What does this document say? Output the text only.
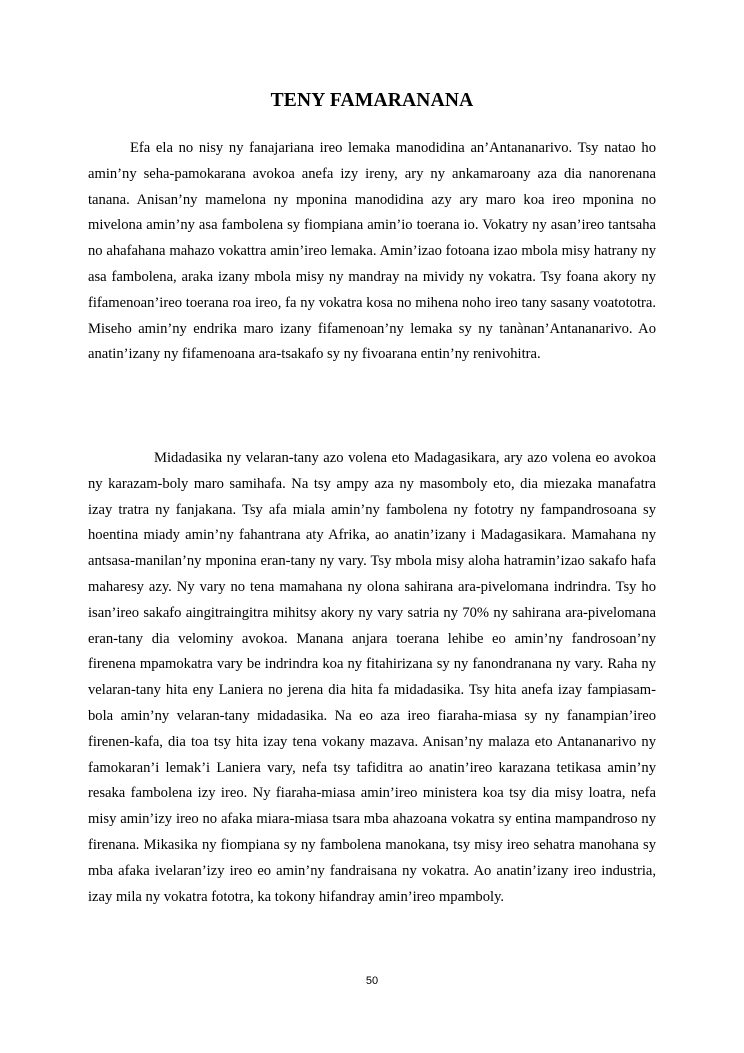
TENY FAMARANANA

Efa ela no nisy ny fanajariana ireo lemaka manodidina an’Antananarivo. Tsy natao ho amin’ny seha-pamokarana avokoa anefa izy ireny, ary ny ankamaroany aza dia nanorenana tanana. Anisan’ny mamelona ny mponina manodidina azy ary maro koa ireo mponina no mivelona amin’ny asa fambolena sy fiompiana amin’io toerana io. Vokatry ny asan’ireo tantsaha no ahafahana mahazo vokattra amin’ireo lemaka. Amin’izao fotoana izao mbola misy hatrany ny asa fambolena, araka izany mbola misy ny mandray na mividy ny vokatra. Tsy foana akory ny fifamenoan’ireo toerana roa ireo, fa ny vokatra kosa no mihena noho ireo tany sasany voatototra. Miseho amin’ny endrika maro izany fifamenoan’ny lemaka sy ny tanànan’Antananarivo. Ao anatin’izany ny fifamenoana ara-tsakafo sy ny fivoarana entin’ny renivohitra.

Midadasika ny velaran-tany azo volena eto Madagasikara, ary azo volena eo avokoa ny karazam-boly maro samihafa. Na tsy ampy aza ny masomboly eto, dia miezaka manafatra izay tratra ny fanjakana. Tsy afa miala amin’ny fambolena ny fototry ny fampandrosoana sy hoentina miady amin’ny fahantrana aty Afrika, ao anatin’izany i Madagasikara. Mamahana ny antsasa-manilan’ny mponina eran-tany ny vary. Tsy mbola misy aloha hatramin’izao sakafo hafa maharesy azy. Ny vary no tena mamahana ny olona sahirana ara-pivelomana indrindra. Tsy ho isan’ireo sakafo aingitraingitra mihitsy akory ny vary satria ny 70% ny sahirana ara-pivelomana eran-tany dia velominy avokoa. Manana anjara toerana lehibe eo amin’ny fandrosoan’ny firenena mpamokatra vary be indrindra koa ny fitahirizana sy ny fanondranana ny vary. Raha ny velaran-tany hita eny Laniera no jerena dia hita fa midadasika. Tsy hita anefa izay fampiasam-bola amin’ny velaran-tany midadasika. Na eo aza ireo fiaraha-miasa sy ny fanampian’ireo firenen-kafa, dia toa tsy hita izay tena vokany mazava. Anisan’ny malaza eto Antananarivo ny famokaran’i lemak’i Laniera vary, nefa tsy tafiditra ao anatin’ireo karazana tetikasa amin’ny resaka fambolena izy ireo. Ny fiaraha-miasa amin’ireo ministera koa tsy dia misy loatra, nefa misy amin’izy ireo no afaka miara-miasa tsara mba ahazoana vokatra sy entina mampandroso ny firenana. Mikasika ny fiompiana sy ny fambolena manokana, tsy misy ireo sehatra manohana sy mba afaka ivelaran’izy ireo eo amin’ny fandraisana ny vokatra. Ao anatin’izany ireo industria, izay mila ny vokatra fototra, ka tokony hifandray amin’ireo mpamboly.

50
